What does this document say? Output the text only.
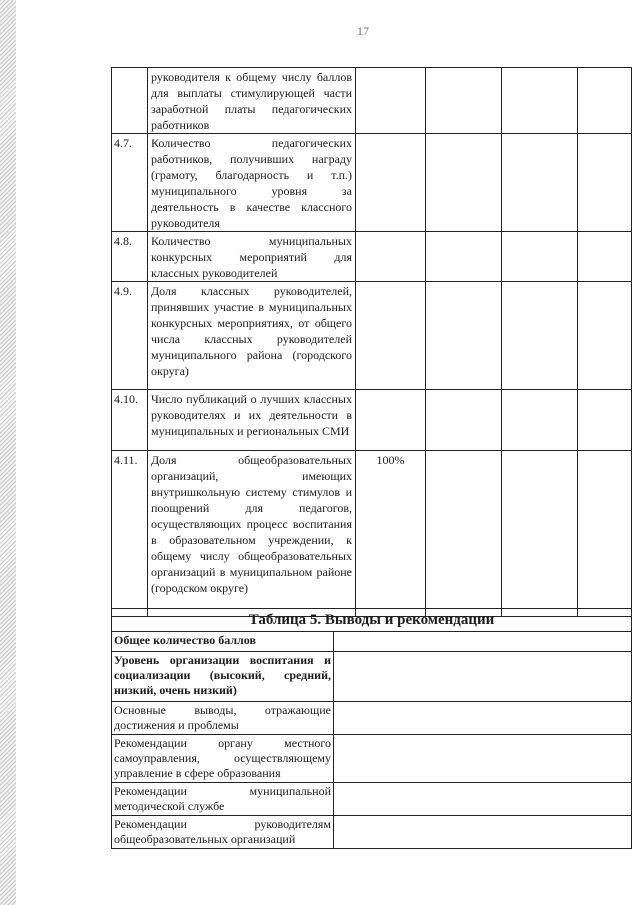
17
	руководителя к общему числу баллов для выплаты стимулирующей части заработной платы педагогических работников				
4.7.	Количество педагогических работников, получивших награду (грамоту, благодарность и т.п.) муниципального уровня за деятельность в качестве классного руководителя				
4.8.	Количество муниципальных конкурсных мероприятий для классных руководителей				
4.9.	Доля классных руководителей, принявших участие в муниципальных конкурсных мероприятиях, от общего числа классных руководителей муниципального района (городского округа)				
4.10.	Число публикаций о лучших классных руководителях и их деятельности в муниципальных и региональных СМИ				
4.11.	Доля общеобразовательных организаций, имеющих внутришкольную систему стимулов и поощрений для педагогов, осуществляющих процесс воспитания в образовательном учреждении, к общему числу общеобразовательных организаций в муниципальном районе (городском округе)	100%			
Таблица 5. Выводы и рекомендации	
Общее количество баллов	
Уровень организации воспитания и социализации (высокий, средний, низкий, очень низкий)	
Основные выводы, отражающие достижения и проблемы	
Рекомендации органу местного самоуправления, осуществляющему управление в сфере образования	
Рекомендации муниципальной методической службе	
Рекомендации руководителям общеобразовательных организаций	
